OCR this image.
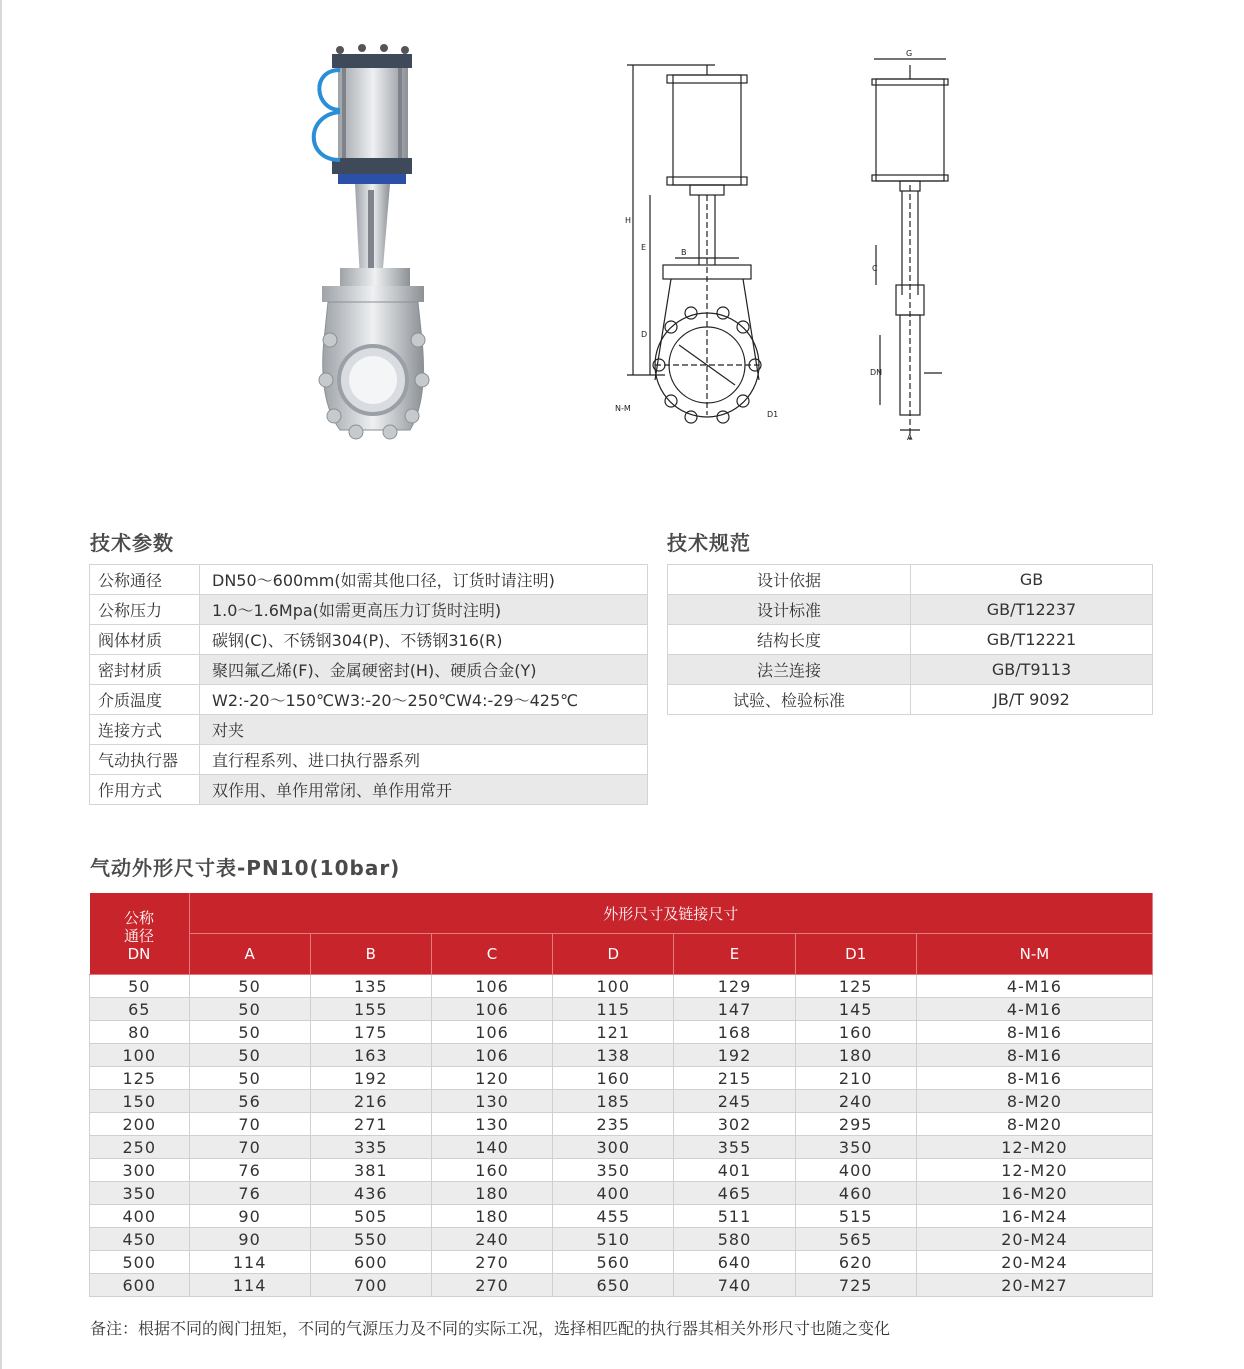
H
E
B
D
N-M
D1
G
C
DN
A
技术参数
公称通径	DN50～600mm(如需其他口径，订货时请注明)
公称压力	1.0～1.6Mpa(如需更高压力订货时注明)
阀体材质	碳钢(C)、不锈钢304(P)、不锈钢316(R)
密封材质	聚四氟乙烯(F)、金属硬密封(H)、硬质合金(Y)
介质温度	W2:-20～150℃W3:-20～250℃W4:-29～425℃
连接方式	对夹
气动执行器	直行程系列、进口执行器系列
作用方式	双作用、单作用常闭、单作用常开
技术规范
设计依据	GB
设计标准	GB/T12237
结构长度	GB/T12221
法兰连接	GB/T9113
试验、检验标准	JB/T 9092
气动外形尺寸表-PN10(10bar)
公称
通径
DN	外形尺寸及链接尺寸						
	A	B	C	D	E	D1	N-M
50	50	135	106	100	129	125	4-M16
65	50	155	106	115	147	145	4-M16
80	50	175	106	121	168	160	8-M16
100	50	163	106	138	192	180	8-M16
125	50	192	120	160	215	210	8-M16
150	56	216	130	185	245	240	8-M20
200	70	271	130	235	302	295	8-M20
250	70	335	140	300	355	350	12-M20
300	76	381	160	350	401	400	12-M20
350	76	436	180	400	465	460	16-M20
400	90	505	180	455	511	515	16-M24
450	90	550	240	510	580	565	20-M24
500	114	600	270	560	640	620	20-M24
600	114	700	270	650	740	725	20-M27
备注：根据不同的阀门扭矩，不同的气源压力及不同的实际工况，选择相匹配的执行器其相关外形尺寸也随之变化
